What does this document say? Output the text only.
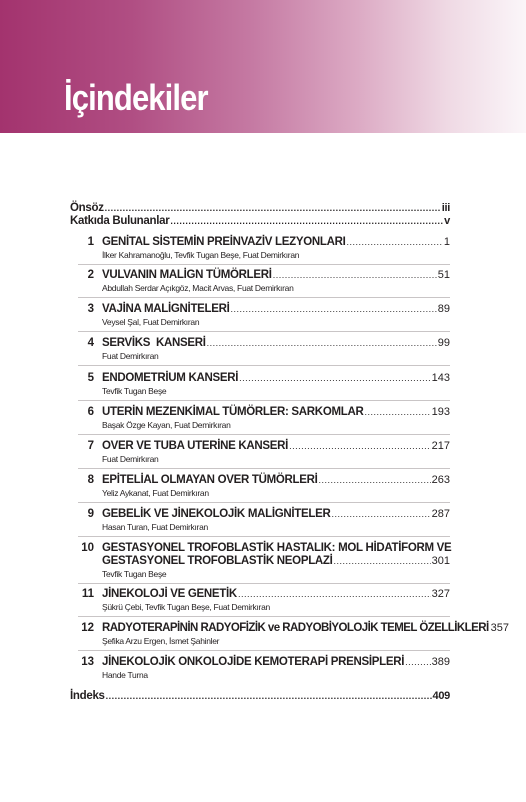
İçindekiler
Önsöz .....	iii
Katkıda Bulunanlar .....	v
1 GENİTAL SİSTEMİN PREİNVAZİV LEZYONLARI .....	1
İlker Kahramanoğlu, Tevfik Tugan Beşe, Fuat Demirkıran
2 VULVANIN MALİGN TÜMÖRLERİ .....	51
Abdullah Serdar Açıkgöz, Macit Arvas, Fuat Demirkıran
3 VAJİNA MALİGNİTELERİ .....	89
Veysel Şal, Fuat Demirkıran
4 SERVİKS  KANSERİ .....	99
Fuat Demirkıran
5 ENDOMETRİUM KANSERİ .....	143
Tevfik Tugan Beşe
6 UTERİN MEZENKİMAL TÜMÖRLER: SARKOMLAR .....	193
Başak Özge Kayan, Fuat Demirkıran
7 OVER VE TUBA UTERİNE KANSERİ .....	217
Fuat Demirkıran
8 EPİTELİAL OLMAYAN OVER TÜMÖRLERİ .....	263
Yeliz Aykanat, Fuat Demirkıran
9 GEBELİK VE JİNEKOLOJİK MALİGNİTELER .....	287
Hasan Turan, Fuat Demirkıran
10 GESTASYONEL TROFOBLASTİK HASTALIK: MOL HİDATİFORM VE
GESTASYONEL TROFOBLASTİK NEOPLAZİ .....	301
Tevfik Tugan Beşe
11 JİNEKOLOJİ VE GENETİK .....	327
Şükrü Çebi, Tevfik Tugan Beşe, Fuat Demirkıran
12 RADYOTERAPİNİN RADYOFİZİK ve RADYOBİYOLOJİK TEMEL ÖZELLİKLERİ 357
Şefika Arzu Ergen, İsmet Şahinler
13 JİNEKOLOJİK ONKOLOJİDE KEMOTERAPİ PRENSİPLERİ ..... 389
Hande Turna
İndeks .....	409
